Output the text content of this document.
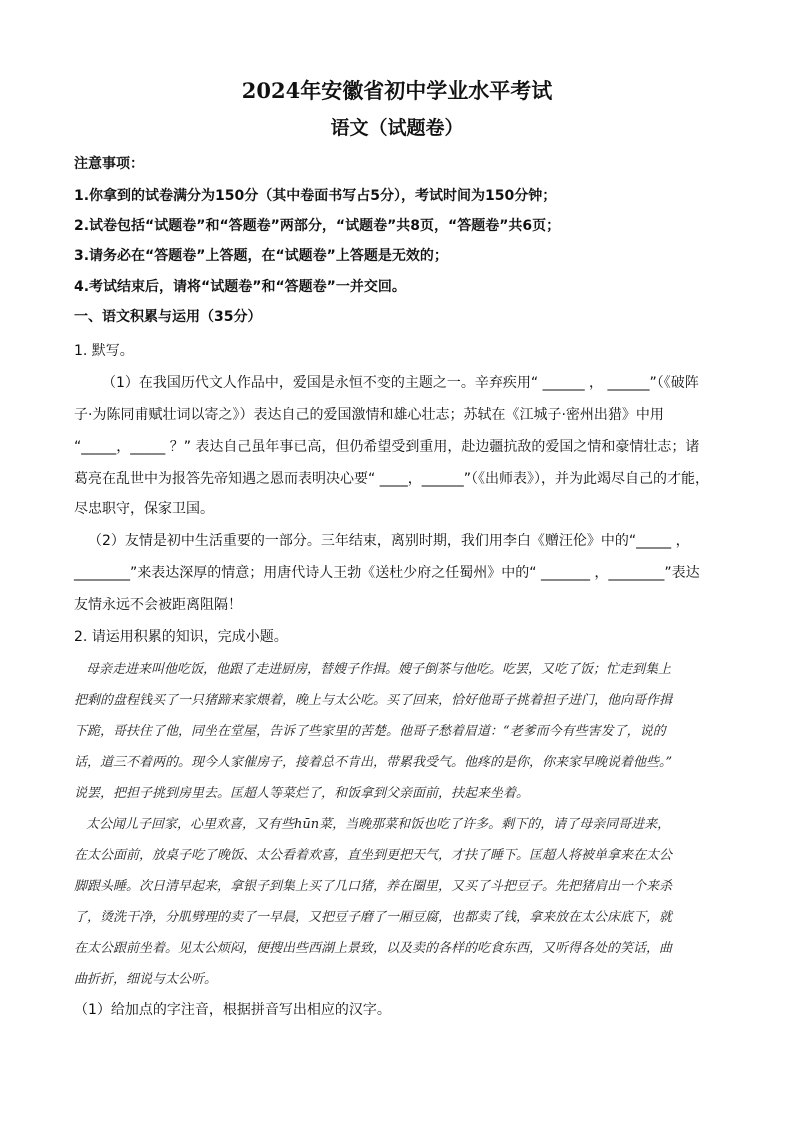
2024年安徽省初中学业水平考试
语文（试题卷）
注意事项：
1.你拿到的试卷满分为150分（其中卷面书写占5分），考试时间为150分钟；
2.试卷包括“试题卷”和“答题卷”两部分，“试题卷”共8页，“答题卷”共6页；
3.请务必在“答题卷”上答题，在“试题卷”上答题是无效的；
4.考试结束后，请将“试题卷”和“答题卷”一并交回。
一、语文积累与运用（35分）
1. 默写。
（1）在我国历代文人作品中，爱国是永恒不变的主题之一。辛弃疾用“ ______ ， ______”（《破阵
子·为陈同甫赋壮词以寄之》）表达自己的爱国激情和雄心壮志；苏轼在《江城子·密州出猎》中用
“_____，_____ ？” 表达自己虽年事已高，但仍希望受到重用，赴边疆抗敌的爱国之情和豪情壮志；诸
葛亮在乱世中为报答先帝知遇之恩而表明决心要“ ____，______”（《出师表》），并为此竭尽自己的才能，
尽忠职守，保家卫国。
（2）友情是初中生活重要的一部分。三年结束，离别时期，我们用李白《赠汪伦》中的“_____ ，
________”来表达深厚的情意；用唐代诗人王勃《送杜少府之任蜀州》中的“ _______ ，________”表达
友情永远不会被距离阻隔！
2. 请运用积累的知识，完成小题。
母亲走进来叫他吃饭，他跟了走进厨房，替嫂子作揖。嫂子倒茶与他吃。吃罢，又吃了饭；忙走到集上
把剩的盘程钱买了一只猪蹄来家煨着，晚上与太公吃。买了回来，恰好他哥子挑着担子进门，他向哥作揖
下跪，哥扶住了他，同坐在堂屋，告诉了些家里的苦楚。他哥子愁着眉道：“老爹而今有些害发了，说的
话，道三不着两的。现今人家催房子，接着总不肯出，带累我受气。他疼的是你，你来家早晚说着他些。”
说罢，把担子挑到房里去。匡超人等菜烂了，和饭拿到父亲面前，扶起来坐着。
太公闻儿子回家，心里欢喜，又有些hūn菜，当晚那菜和饭也吃了许多。剩下的，请了母亲同哥进来，
在太公面前，放桌子吃了晚饭、太公看着欢喜，直坐到更把天气，才扶了睡下。匡超人将被单拿来在太公
脚跟头睡。次日清早起来，拿银子到集上买了几口猪，养在圈里，又买了斗把豆子。先把猪肩出一个来杀
了，烫洗干净，分肌劈理的卖了一早晨，又把豆子磨了一厢豆腐，也都卖了钱，拿来放在太公床底下，就
在太公跟前坐着。见太公烦闷，便搜出些西湖上景致，以及卖的各样的吃食东西，又听得各处的笑话，曲
曲折折，细说与太公听。
（1）给加点的字注音，根据拼音写出相应的汉字。
